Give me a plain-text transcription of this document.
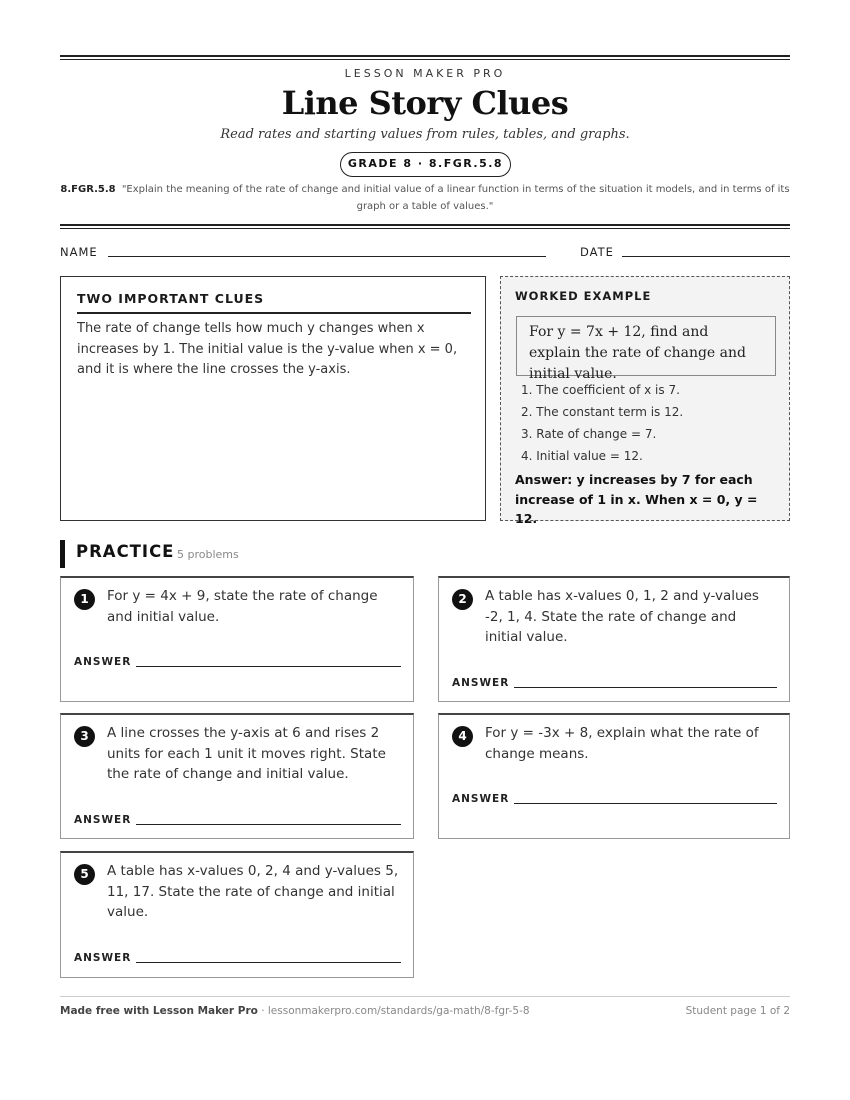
LESSON MAKER PRO
Line Story Clues
Read rates and starting values from rules, tables, and graphs.
GRADE 8 · 8.FGR.5.8
8.FGR.5.8 "Explain the meaning of the rate of change and initial value of a linear function in terms of the situation it models, and in terms of its graph or a table of values."
NAME	DATE
TWO IMPORTANT CLUES
The rate of change tells how much y changes when x increases by 1. The initial value is the y-value when x = 0, and it is where the line crosses the y-axis.
WORKED EXAMPLE
For y = 7x + 12, find and explain the rate of change and initial value.
1. The coefficient of x is 7.
2. The constant term is 12.
3. Rate of change = 7.
4. Initial value = 12.
Answer: y increases by 7 for each increase of 1 in x. When x = 0, y = 12.
PRACTICE 5 problems
1	For y = 4x + 9, state the rate of change and initial value.
ANSWER
2	A table has x-values 0, 1, 2 and y-values -2, 1, 4. State the rate of change and initial value.
ANSWER
3	A line crosses the y-axis at 6 and rises 2 units for each 1 unit it moves right. State the rate of change and initial value.
ANSWER
4	For y = -3x + 8, explain what the rate of change means.
ANSWER
5	A table has x-values 0, 2, 4 and y-values 5, 11, 17. State the rate of change and initial value.
ANSWER
Made free with Lesson Maker Pro · lessonmakerpro.com/standards/ga-math/8-fgr-5-8	Student page 1 of 2
